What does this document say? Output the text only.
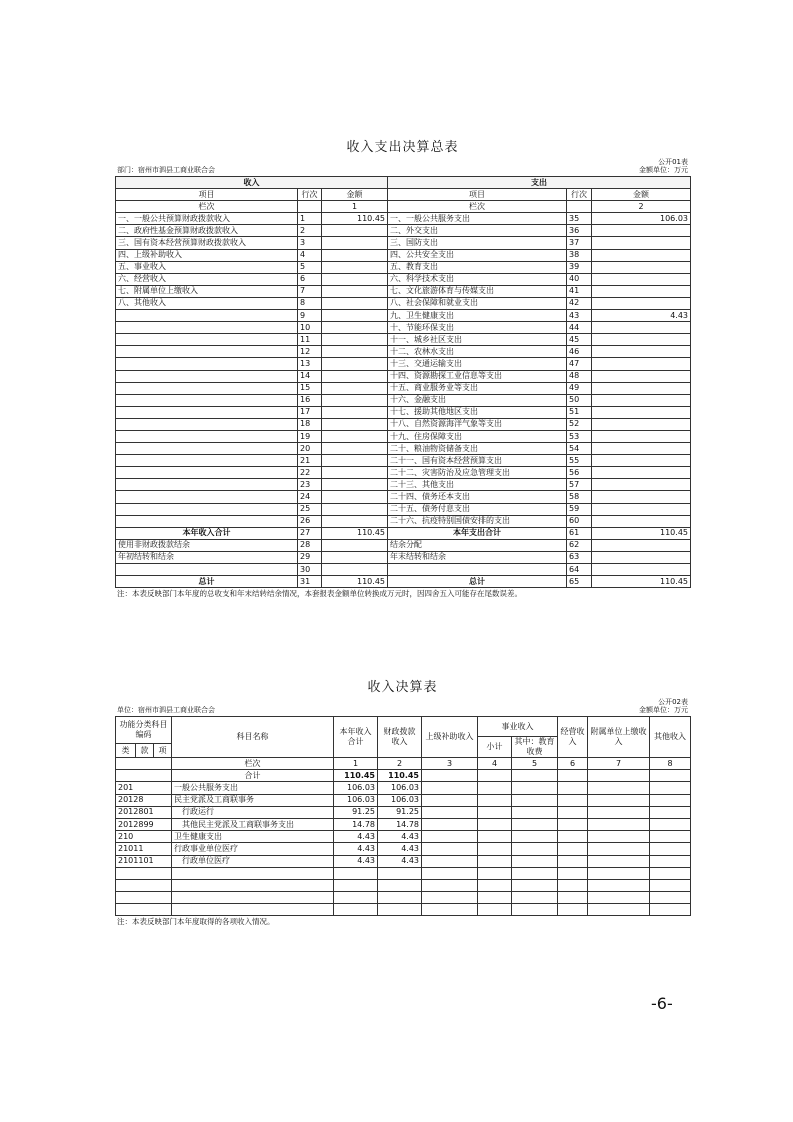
收入支出决算总表
部门：宿州市泗县工商业联合会
公开01表
金额单位：万元
收入			支出		
项目	行次	金额	项目	行次	金额
栏次		1	栏次		2
一、一般公共预算财政拨款收入	1	110.45	一、一般公共服务支出	35	106.03
二、政府性基金预算财政拨款收入	2		二、外交支出	36	
三、国有资本经营预算财政拨款收入	3		三、国防支出	37	
四、上级补助收入	4		四、公共安全支出	38	
五、事业收入	5		五、教育支出	39	
六、经营收入	6		六、科学技术支出	40	
七、附属单位上缴收入	7		七、文化旅游体育与传媒支出	41	
八、其他收入	8		八、社会保障和就业支出	42	
	9		九、卫生健康支出	43	4.43
	10		十、节能环保支出	44	
	11		十一、城乡社区支出	45	
	12		十二、农林水支出	46	
	13		十三、交通运输支出	47	
	14		十四、资源勘探工业信息等支出	48	
	15		十五、商业服务业等支出	49	
	16		十六、金融支出	50	
	17		十七、援助其他地区支出	51	
	18		十八、自然资源海洋气象等支出	52	
	19		十九、住房保障支出	53	
	20		二十、粮油物资储备支出	54	
	21		二十一、国有资本经营预算支出	55	
	22		二十二、灾害防治及应急管理支出	56	
	23		二十三、其他支出	57	
	24		二十四、债务还本支出	58	
	25		二十五、债务付息支出	59	
	26		二十六、抗疫特别国债安排的支出	60	
本年收入合计	27	110.45	本年支出合计	61	110.45
使用非财政拨款结余	28		结余分配	62	
年初结转和结余	29		年末结转和结余	63	
	30			64	
总计	31	110.45	总计	65	110.45
注：本表反映部门本年度的总收支和年末结转结余情况，本套报表金额单位转换成万元时，因四舍五入可能存在尾数误差。
收入决算表
单位：宿州市泗县工商业联合会
公开02表
金额单位：万元
功能分类科目编码			科目名称	本年收入合计	财政拨款收入	上级补助收入	事业收入		经营收入	附属单位上缴收入	其他收入
							小计	其中：教育收费			
类	款	项									
			栏次	1	2	3	4	5	6	7	8
			合计	110.45	110.45						
201			一般公共服务支出	106.03	106.03						
20128			民主党派及工商联事务	106.03	106.03						
2012801			行政运行	91.25	91.25						
2012899			其他民主党派及工商联事务支出	14.78	14.78						
210			卫生健康支出	4.43	4.43						
21011			行政事业单位医疗	4.43	4.43						
2101101			行政单位医疗	4.43	4.43						

注：本表反映部门本年度取得的各项收入情况。
-6-
